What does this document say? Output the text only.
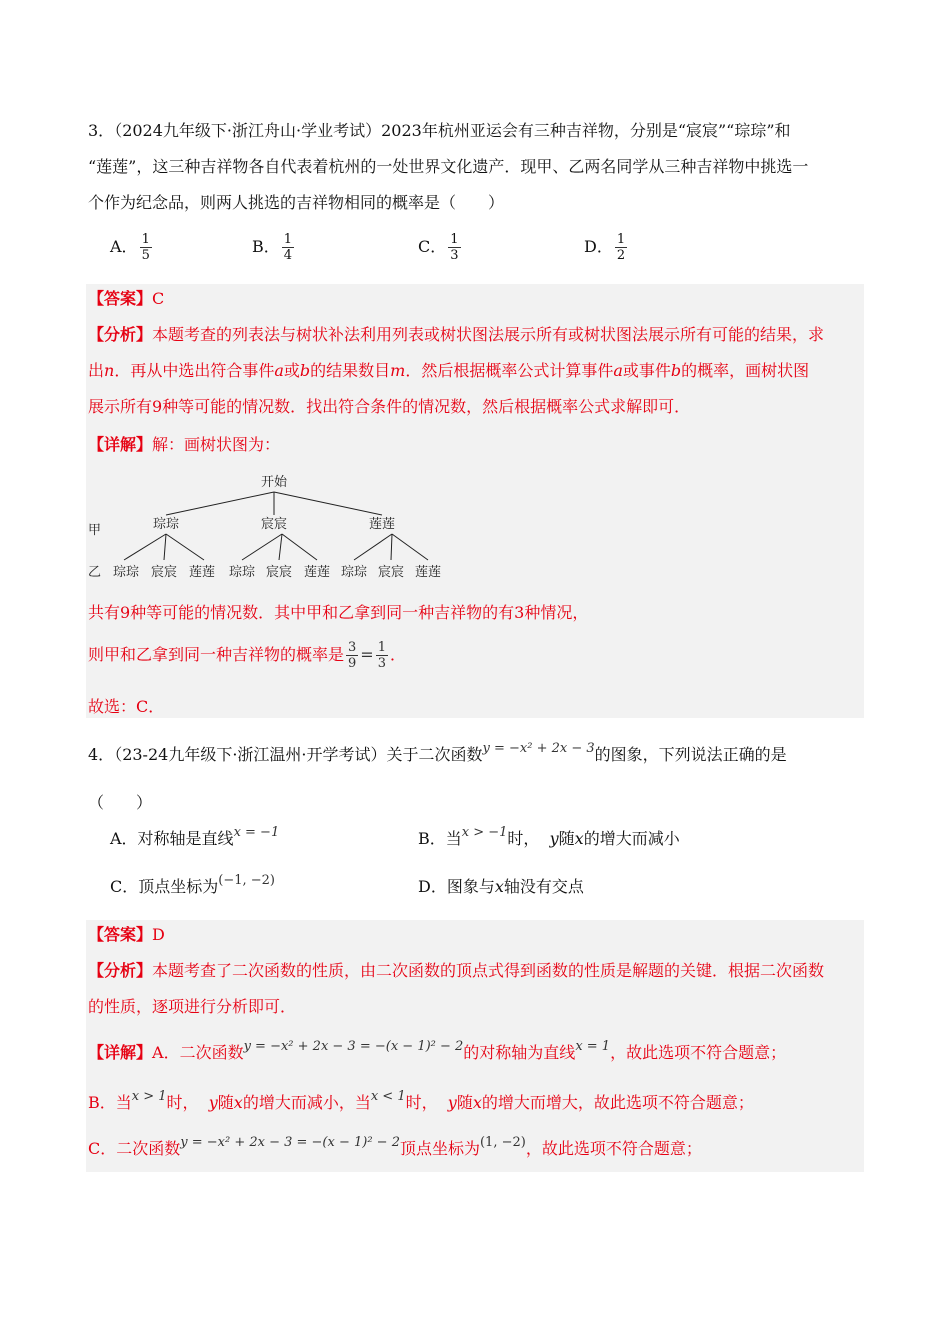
3．（2024九年级下·浙江舟山·学业考试）2023年杭州亚运会有三种吉祥物，分别是“宸宸”“琮琮”和
“莲莲”，这三种吉祥物各自代表着杭州的一处世界文化遗产．现甲、乙两名同学从三种吉祥物中挑选一
个作为纪念品，则两人挑选的吉祥物相同的概率是（　　）
A． $\frac{1}{5}$	B． $\frac{1}{4}$	C． $\frac{1}{3}$	D． $\frac{1}{2}$
【答案】C
【分析】本题考查的列表法与树状补法利用列表或树状图法展示所有或树状图法展示所有可能的结果，求
出n．再从中选出符合事件a或b的结果数目m．然后根据概率公式计算事件a或事件b的概率，画树状图
展示所有9种等可能的情况数．找出符合条件的情况数，然后根据概率公式求解即可．
【详解】解：画树状图为：
开始
甲	琮琮	宸宸	莲莲
乙 琮琮 宸宸 莲莲 琮琮 宸宸 莲莲 琮琮 宸宸 莲莲
共有9种等可能的情况数．其中甲和乙拿到同一种吉祥物的有3种情况，
则甲和乙拿到同一种吉祥物的概率是 $\frac{3}{9} = \frac{1}{3}$ ．
故选：C．
4．（23-24九年级下·浙江温州·开学考试）关于二次函数$^{y = -x^2 + 2x - 3}$的图象，下列说法正确的是
（　　）
A．对称轴是直线$^{x = -1}$	B．当$^{x > -1}$时， y随x的增大而减小
C．顶点坐标为$^{(-1, -2)}$	D．图象与x轴没有交点
【答案】D
【分析】本题考查了二次函数的性质，由二次函数的顶点式得到函数的性质是解题的关键．根据二次函数
的性质，逐项进行分析即可．
【详解】A．二次函数$^{y = -x^2 + 2x - 3 = -(x - 1)^2 - 2}$的对称轴为直线$^{x = 1}$，故此选项不符合题意；
B．当$^{x > 1}$时， y随x的增大而减小，当$^{x < 1}$时， y随x的增大而增大，故此选项不符合题意；
C．二次函数$^{y = -x^2 + 2x - 3 = -(x - 1)^2 - 2}$顶点坐标为$^{(1, -2)}$，故此选项不符合题意；
